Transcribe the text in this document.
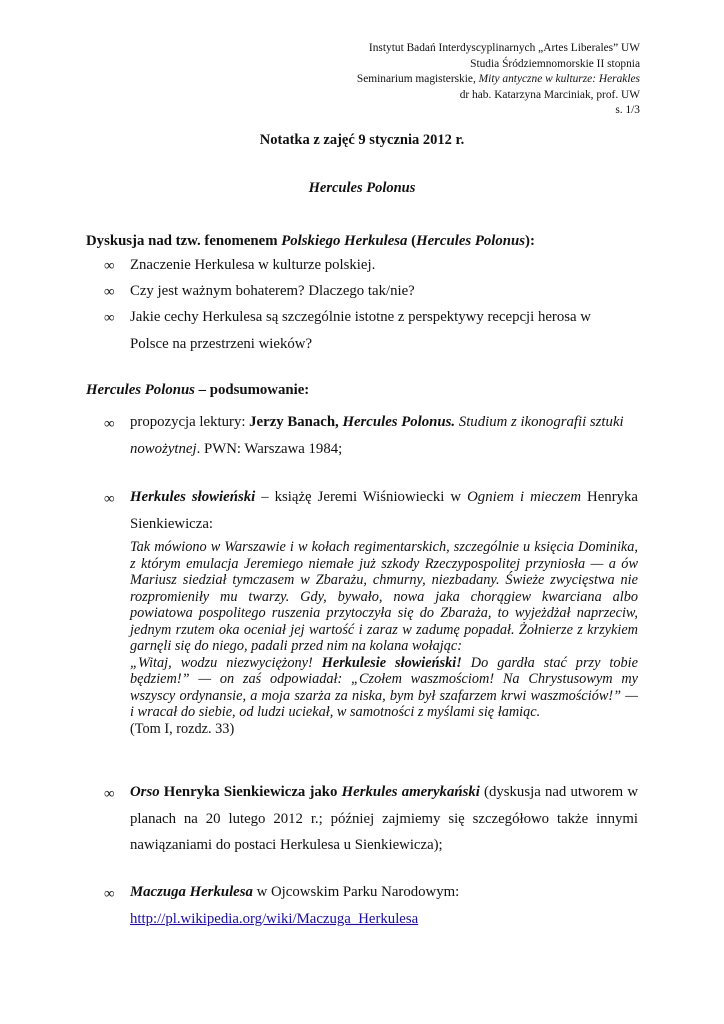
Instytut Badań Interdyscyplinarnych „Artes Liberales” UW
Studia Śródziemnomorskie II stopnia
Seminarium magisterskie, Mity antyczne w kulturze: Herakles
dr hab. Katarzyna Marciniak, prof. UW
s. 1/3
Notatka z zajęć 9 stycznia 2012 r.
Hercules Polonus
Dyskusja nad tzw. fenomenem Polskiego Herkulesa (Hercules Polonus):
∞ Znaczenie Herkulesa w kulturze polskiej.
∞ Czy jest ważnym bohaterem? Dlaczego tak/nie?
∞ Jakie cechy Herkulesa są szczególnie istotne z perspektywy recepcji herosa w Polsce na przestrzeni wieków?
Hercules Polonus – podsumowanie:
∞ propozycja lektury: Jerzy Banach, Hercules Polonus. Studium z ikonografii sztuki nowożytnej. PWN: Warszawa 1984;
∞ Herkules słowieński – książę Jeremi Wiśniowiecki w Ogniem i mieczem Henryka Sienkiewicza:
Tak mówiono w Warszawie i w kołach regimentarskich, szczególnie u księcia Dominika, z którym emulacja Jeremiego niemałe już szkody Rzeczypospolitej przyniosła — a ów Mariusz siedział tymczasem w Zbarażu, chmurny, niezbadany. Świeże zwycięstwa nie rozpromieniły mu twarzy. Gdy, bywało, nowa jaka chorągiew kwarciana albo powiatowa pospolitego ruszenia przytoczyła się do Zbaraża, to wyjeżdżał naprzeciw, jednym rzutem oka oceniał jej wartość i zaraz w zadumę popadał. Żołnierze z krzykiem garnęli się do niego, padali przed nim na kolana wołając:
„Witaj, wodzu niezwyciężony! Herkulesie słowieński! Do gardła stać przy tobie będziem!” — on zaś odpowiadał: „Czołem waszmościom! Na Chrystusowym my wszyscy ordynansie, a moja szarża za niska, bym był szafarzem krwi waszmościów!” — i wracał do siebie, od ludzi uciekał, w samotności z myślami się łamiąc.
(Tom I, rozdz. 33)
∞ Orso Henryka Sienkiewicza jako Herkules amerykański (dyskusja nad utworem w planach na 20 lutego 2012 r.; później zajmiemy się szczegółowo także innymi nawiązaniami do postaci Herkulesa u Sienkiewicza);
∞ Maczuga Herkulesa w Ojcowskim Parku Narodowym:
http://pl.wikipedia.org/wiki/Maczuga_Herkulesa
